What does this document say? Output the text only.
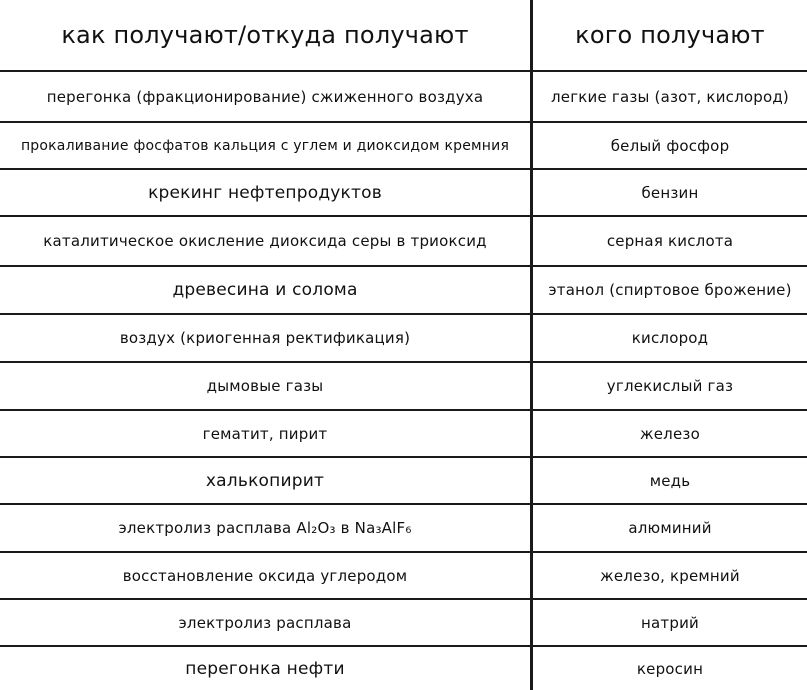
как получают/откуда получают	кого получают
перегонка (фракционирование) сжиженного воздуха	легкие газы (азот, кислород)
прокаливание фосфатов кальция с углем и диоксидом кремния	белый фосфор
крекинг нефтепродуктов	бензин
каталитическое окисление диоксида серы в триоксид	серная кислота
древесина и солома	этанол (спиртовое брожение)
воздух (криогенная ректификация)	кислород
дымовые газы	углекислый газ
гематит, пирит	железо
халькопирит	медь
электролиз расплава Al₂O₃ в Na₃AlF₆	алюминий
восстановление оксида углеродом	железо, кремний
электролиз расплава	натрий
перегонка нефти	керосин
